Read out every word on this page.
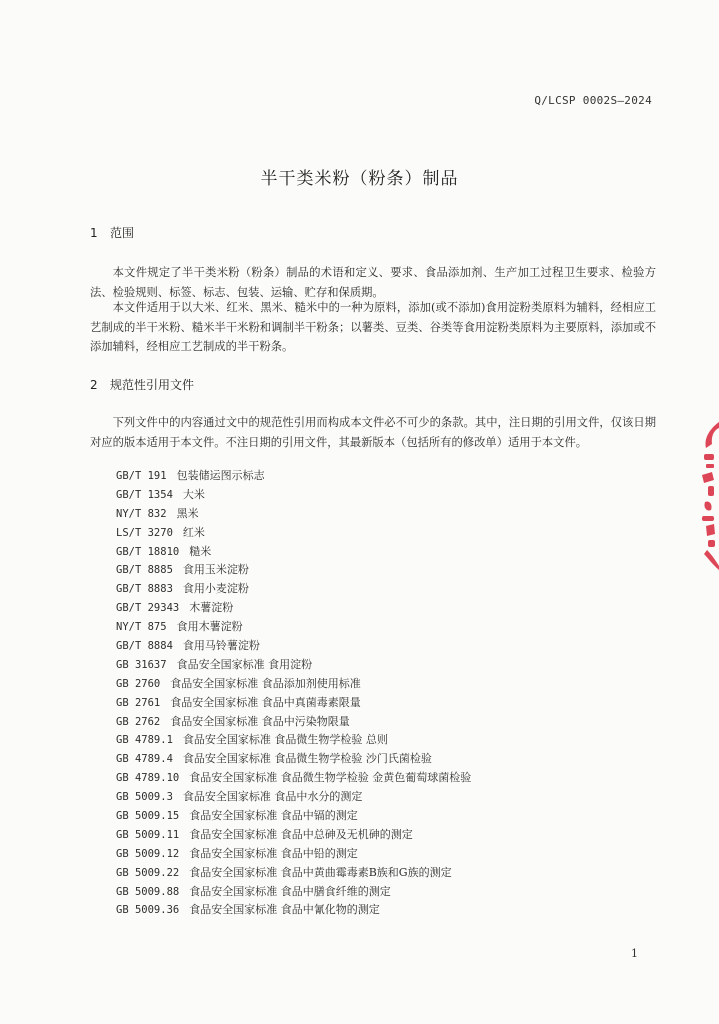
Q/LCSP 0002S—2024
半干类米粉（粉条）制品
1 范围

本文件规定了半干类米粉（粉条）制品的术语和定义、要求、食品添加剂、生产加工过程卫生要求、检验方法、检验规则、标签、标志、包装、运输、贮存和保质期。

本文件适用于以大米、红米、黑米、糙米中的一种为原料，添加(或不添加)食用淀粉类原料为辅料，经相应工艺制成的半干米粉、糙米半干米粉和调制半干粉条；以薯类、豆类、谷类等食用淀粉类原料为主要原料，添加或不添加辅料，经相应工艺制成的半干粉条。

2 规范性引用文件

下列文件中的内容通过文中的规范性引用而构成本文件必不可少的条款。其中，注日期的引用文件，仅该日期对应的版本适用于本文件。不注日期的引用文件，其最新版本（包括所有的修改单）适用于本文件。

GB/T 191 包装储运图示标志
GB/T 1354 大米
NY/T 832 黑米
LS/T 3270 红米
GB/T 18810 糙米
GB/T 8885 食用玉米淀粉
GB/T 8883 食用小麦淀粉
GB/T 29343 木薯淀粉
NY/T 875 食用木薯淀粉
GB/T 8884 食用马铃薯淀粉
GB 31637 食品安全国家标准 食用淀粉
GB 2760 食品安全国家标准 食品添加剂使用标准
GB 2761 食品安全国家标准 食品中真菌毒素限量
GB 2762 食品安全国家标准 食品中污染物限量
GB 4789.1 食品安全国家标准 食品微生物学检验 总则
GB 4789.4 食品安全国家标准 食品微生物学检验 沙门氏菌检验
GB 4789.10 食品安全国家标准 食品微生物学检验 金黄色葡萄球菌检验
GB 5009.3 食品安全国家标准 食品中水分的测定
GB 5009.15 食品安全国家标准 食品中镉的测定
GB 5009.11 食品安全国家标准 食品中总砷及无机砷的测定
GB 5009.12 食品安全国家标准 食品中铅的测定
GB 5009.22 食品安全国家标准 食品中黄曲霉毒素B族和G族的测定
GB 5009.88 食品安全国家标准 食品中膳食纤维的测定
GB 5009.36 食品安全国家标准 食品中氰化物的测定
1
